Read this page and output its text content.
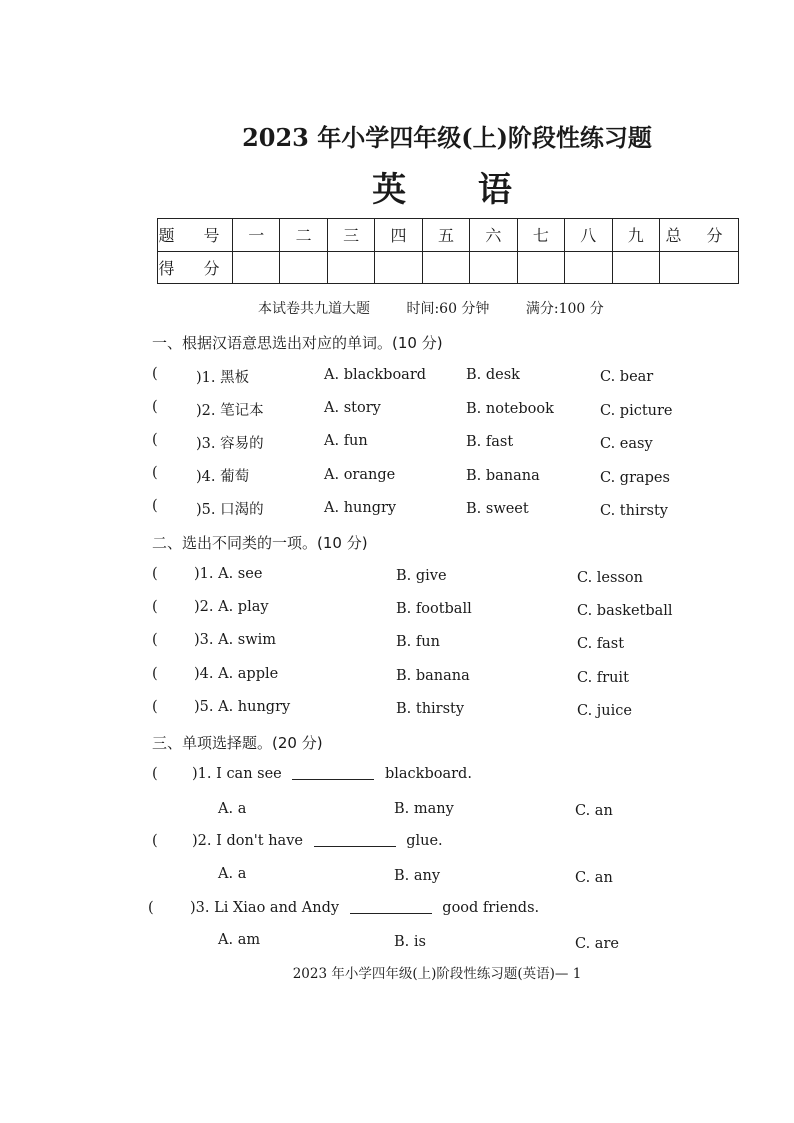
2023 年小学四年级(上)阶段性练习题
英 语
题 号	一	二	三	四	五	六	七	八	九	总 分
得 分										
本试卷共九道大题	时间:60 分钟	满分:100 分
一、根据汉语意思选出对应的单词。(10 分)
(	)1. 黑板	A. blackboard	B. desk	C. bear
(	)2. 笔记本	A. story	B. notebook	C. picture
(	)3. 容易的	A. fun	B. fast	C. easy
(	)4. 葡萄	A. orange	B. banana	C. grapes
(	)5. 口渴的	A. hungry	B. sweet	C. thirsty
二、选出不同类的一项。(10 分)
(	)1. A. see	B. give	C. lesson
(	)2. A. play	B. football	C. basketball
(	)3. A. swim	B. fun	C. fast
(	)4. A. apple	B. banana	C. fruit
(	)5. A. hungry	B. thirsty	C. juice
三、单项选择题。(20 分)
( )1. I can see	blackboard.
A. a	B. many	C. an
( )2. I don't have	glue.
A. a	B. any	C. an
(	)3. Li Xiao and Andy	good friends.
A. am	B. is	C. are
2023 年小学四年级(上)阶段性练习题(英语)— 1
